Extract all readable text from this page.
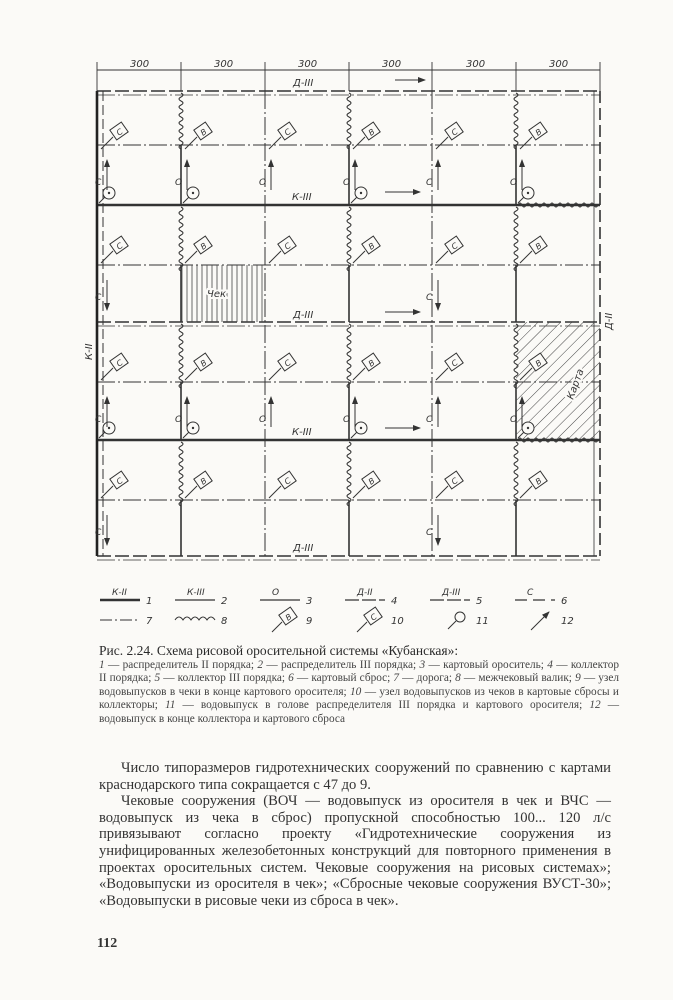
300	300	300	300	300	300
Д-III
К-III
Д-III
К-III
Д-III
К-II
Д-II
Чек
Карта
С	В	С	В	С	В
С	В	С	В	С	В
С	В	С	В	С	В
С	В	С	В	С	В
С	О	О	О	С	О
С	О	О	О	С	О
С	С
С	С
К-II
1
К-III
2
О
3
Д-II
4
Д-III
5
С
6
7	8	В 9	С 10	11	12
Рис. 2.24. Схема рисовой оросительной системы «Кубанская»:
1 — распределитель II порядка; 2 — распределитель III порядка; 3 — картовый ороситель; 4 — коллектор II порядка; 5 — коллектор III порядка; 6 — картовый сброс; 7 — дорога; 8 — межчековый валик; 9 — узел водовыпусков в чеки в конце картового оросителя; 10 — узел водовыпусков из чеков в картовые сбросы и коллекторы; 11 — водовыпуск в голове распределителя III порядка и картового оросителя; 12 — водовыпуск в конце коллектора и картового сброса

Число типоразмеров гидротехнических сооружений по сравнению с картами краснодарского типа сокращается с 47 до 9.

Чековые сооружения (ВОЧ — водовыпуск из оросителя в чек и ВЧС — водовыпуск из чека в сброс) пропускной способностью 100... 120 л/с привязывают согласно проекту «Гидротехнические сооружения из унифицированных железобетонных конструкций для повторного применения в проектах оросительных систем. Чековые сооружения на рисовых системах»; «Водовыпуски из оросителя в чек»; «Сбросные чековые сооружения ВУСТ-30»; «Водовыпуски в рисовые чеки из сброса в чек».

112
